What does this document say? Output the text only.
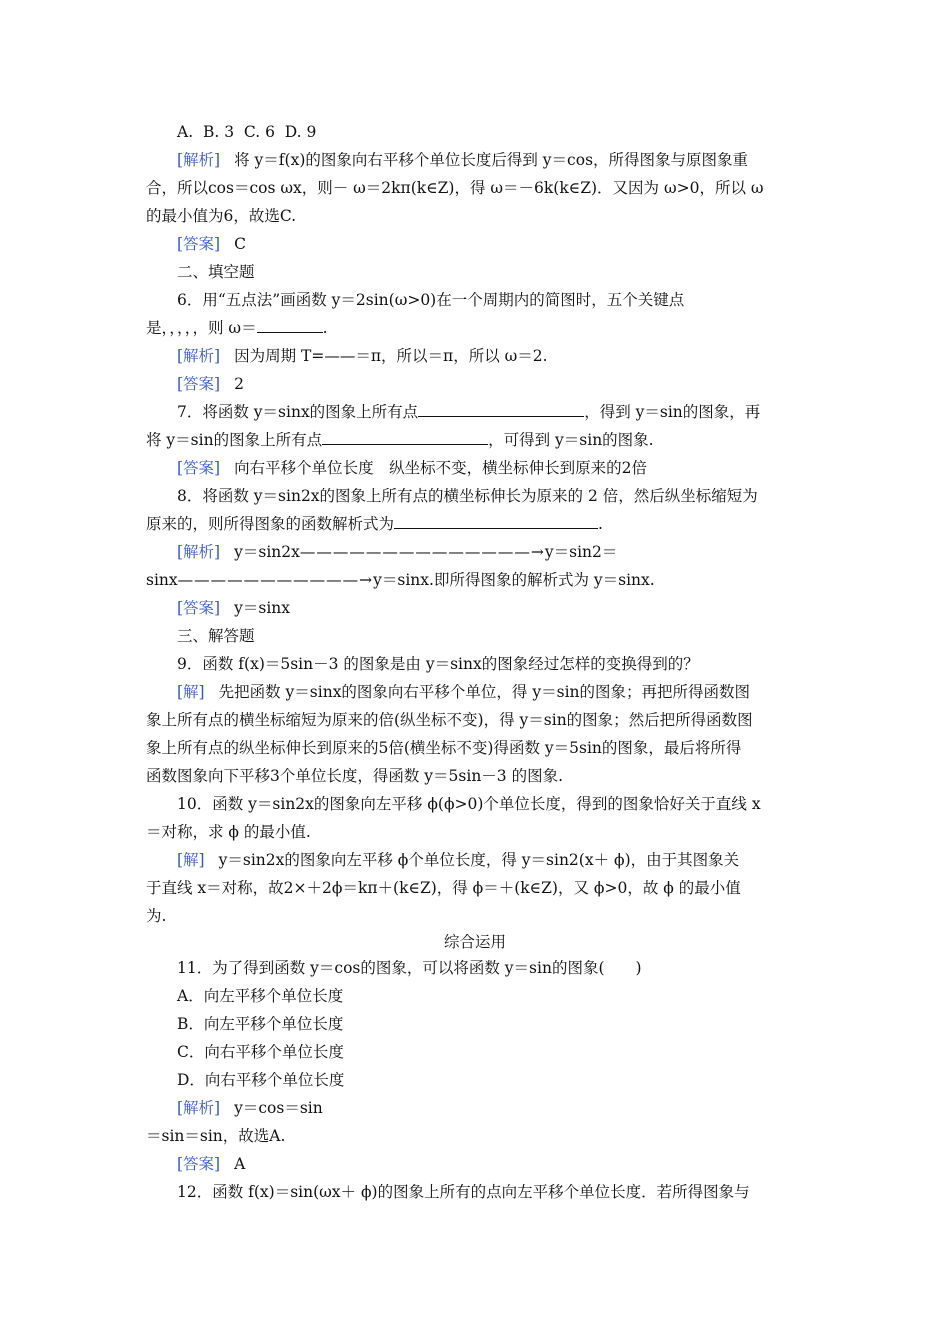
A.  B. 3  C. 6  D. 9
[解析] 将 y＝f(x)的图象向右平移个单位长度后得到 y＝cos，所得图象与原图象重
合，所以cos＝cos ωx，则－ ω＝2kπ(k∈Z)，得 ω＝－6k(k∈Z)．又因为 ω>0，所以 ω
的最小值为6，故选C.
[答案] C
二、填空题
6．用“五点法”画函数 y＝2sin(ω>0)在一个周期内的简图时，五个关键点
是，，，，，则 ω＝	.
[解析] 因为周期 T=——＝π，所以＝π，所以 ω＝2.
[答案] 2
7．将函数 y＝sinx的图象上所有点	，得到 y＝sin的图象，再
将 y＝sin的图象上所有点	，可得到 y＝sin的图象.
[答案] 向右平移个单位长度　纵坐标不变，横坐标伸长到原来的2倍
8．将函数 y＝sin2x的图象上所有点的横坐标伸长为原来的 2 倍，然后纵坐标缩短为
原来的，则所得图象的函数解析式为	.
[解析] y＝sin2x——————————————→y＝sin2＝
sinx———————————→y＝sinx.即所得图象的解析式为 y＝sinx.
[答案] y＝sinx
三、解答题
9．函数 f(x)＝5sin－3 的图象是由 y＝sinx的图象经过怎样的变换得到的？
[解] 先把函数 y＝sinx的图象向右平移个单位，得 y＝sin的图象；再把所得函数图
象上所有点的横坐标缩短为原来的倍(纵坐标不变)，得 y＝sin的图象；然后把所得函数图
象上所有点的纵坐标伸长到原来的5倍(横坐标不变)得函数 y＝5sin的图象，最后将所得
函数图象向下平移3个单位长度，得函数 y＝5sin－3 的图象.
10．函数 y＝sin2x的图象向左平移 ϕ(ϕ>0)个单位长度，得到的图象恰好关于直线 x
＝对称，求 ϕ 的最小值.
[解] y＝sin2x的图象向左平移 ϕ个单位长度，得 y＝sin2(x＋ ϕ)，由于其图象关
于直线 x＝对称，故2×＋2ϕ＝kπ＋(k∈Z)，得 ϕ＝＋(k∈Z)，又 ϕ>0，故 ϕ 的最小值
为.
综合运用
11．为了得到函数 y＝cos的图象，可以将函数 y＝sin的图象(　　)
A．向左平移个单位长度
B．向左平移个单位长度
C．向右平移个单位长度
D．向右平移个单位长度
[解析] y＝cos＝sin
＝sin＝sin，故选A.
[答案] A
12．函数 f(x)＝sin(ωx＋ ϕ)的图象上所有的点向左平移个单位长度．若所得图象与
